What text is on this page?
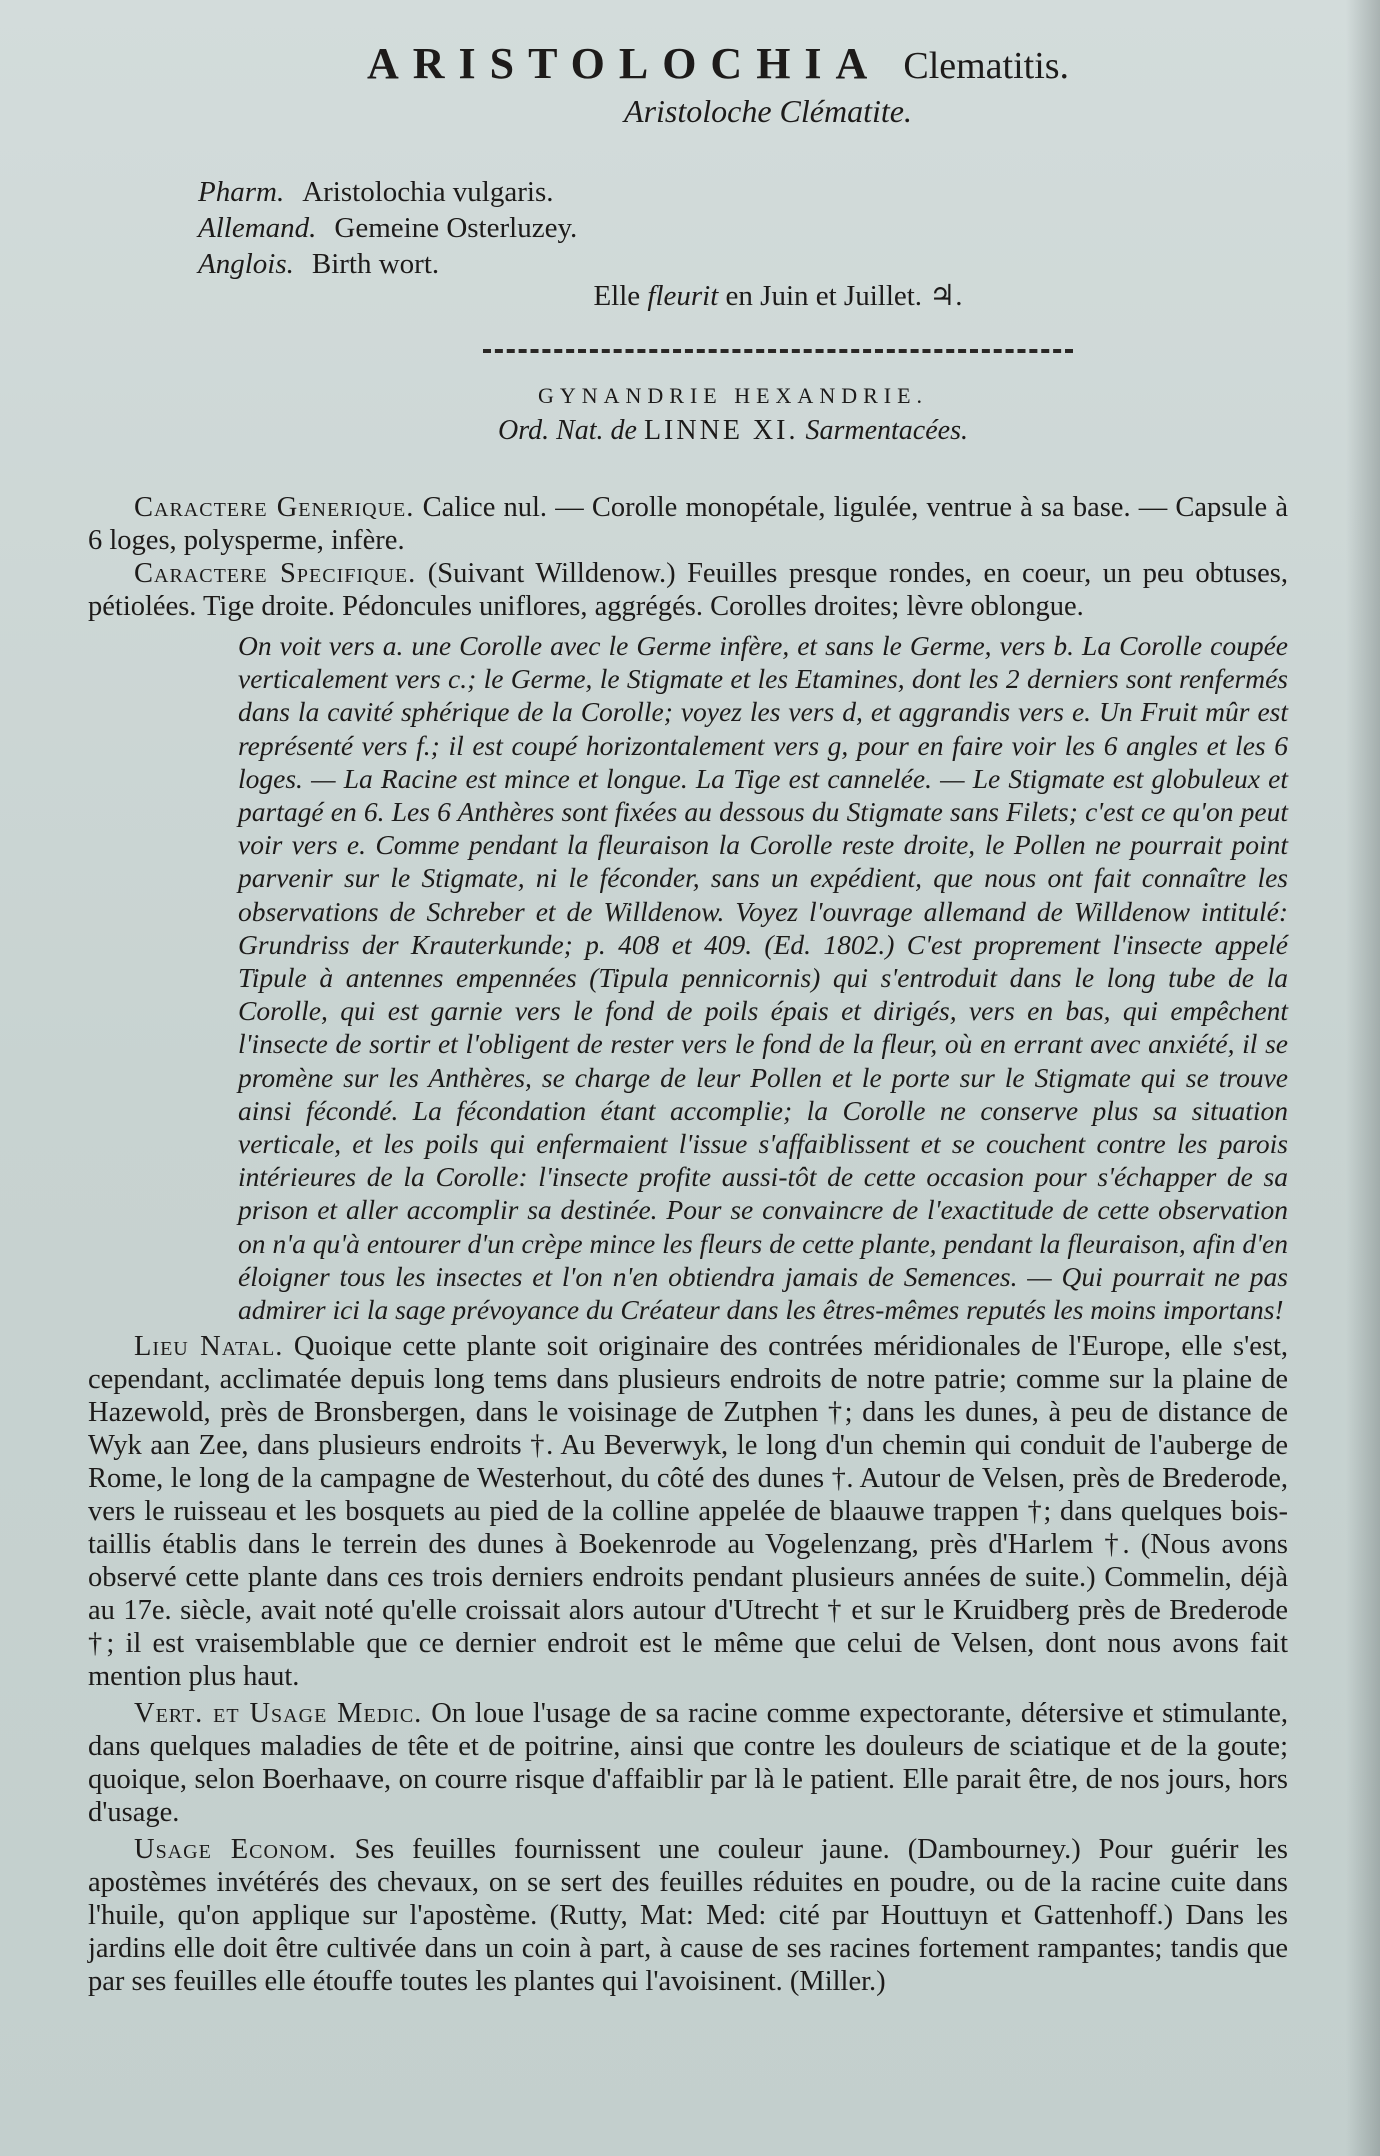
ARISTOLOCHIA Clematitis.
Aristoloche Clématite.
Pharm. Aristolochia vulgaris.
Allemand. Gemeine Osterluzey.
Anglois. Birth wort.
Elle fleurit en Juin et Juillet. ♃.
GYNANDRIE HEXANDRIE.
Ord. Nat. de LINNE XI. Sarmentacées.

Caractere Generique. Calice nul. — Corolle monopétale, ligulée, ventrue à sa base. — Capsule à 6 loges, polysperme, infère.

Caractere Specifique. (Suivant Willdenow.) Feuilles presque rondes, en coeur, un peu obtuses, pétiolées. Tige droite. Pédoncules uniflores, aggrégés. Corolles droites; lèvre oblongue.

On voit vers a. une Corolle avec le Germe infère, et sans le Germe, vers b. La Corolle coupée verticalement vers c.; le Germe, le Stigmate et les Etamines, dont les 2 derniers sont renfermés dans la cavité sphérique de la Corolle; voyez les vers d, et aggrandis vers e. Un Fruit mûr est représenté vers f.; il est coupé horizontalement vers g, pour en faire voir les 6 angles et les 6 loges. — La Racine est mince et longue. La Tige est cannelée. — Le Stigmate est globuleux et partagé en 6. Les 6 Anthères sont fixées au dessous du Stigmate sans Filets; c'est ce qu'on peut voir vers e. Comme pendant la fleuraison la Corolle reste droite, le Pollen ne pourrait point parvenir sur le Stigmate, ni le féconder, sans un expédient, que nous ont fait connaître les observations de Schreber et de Willdenow. Voyez l'ouvrage allemand de Willdenow intitulé: Grundriss der Krauterkunde; p. 408 et 409. (Ed. 1802.) C'est proprement l'insecte appelé Tipule à antennes empennées (Tipula pennicornis) qui s'entroduit dans le long tube de la Corolle, qui est garnie vers le fond de poils épais et dirigés, vers en bas, qui empêchent l'insecte de sortir et l'obligent de rester vers le fond de la fleur, où en errant avec anxiété, il se promène sur les Anthères, se charge de leur Pollen et le porte sur le Stigmate qui se trouve ainsi fécondé. La fécondation étant accomplie; la Corolle ne conserve plus sa situation verticale, et les poils qui enfermaient l'issue s'affaiblissent et se couchent contre les parois intérieures de la Corolle: l'insecte profite aussi-tôt de cette occasion pour s'échapper de sa prison et aller accomplir sa destinée. Pour se convaincre de l'exactitude de cette observation on n'a qu'à entourer d'un crèpe mince les fleurs de cette plante, pendant la fleuraison, afin d'en éloigner tous les insectes et l'on n'en obtiendra jamais de Semences. — Qui pourrait ne pas admirer ici la sage prévoyance du Créateur dans les êtres-mêmes reputés les moins importans!

Lieu Natal. Quoique cette plante soit originaire des contrées méridionales de l'Europe, elle s'est, cependant, acclimatée depuis long tems dans plusieurs endroits de notre patrie; comme sur la plaine de Hazewold, près de Bronsbergen, dans le voisinage de Zutphen †; dans les dunes, à peu de distance de Wyk aan Zee, dans plusieurs endroits †. Au Beverwyk, le long d'un chemin qui conduit de l'auberge de Rome, le long de la campagne de Westerhout, du côté des dunes †. Autour de Velsen, près de Brederode, vers le ruisseau et les bosquets au pied de la colline appelée de blaauwe trappen †; dans quelques bois-taillis établis dans le terrein des dunes à Boekenrode au Vogelenzang, près d'Harlem †. (Nous avons observé cette plante dans ces trois derniers endroits pendant plusieurs années de suite.) Commelin, déjà au 17e. siècle, avait noté qu'elle croissait alors autour d'Utrecht † et sur le Kruidberg près de Brederode †; il est vraisemblable que ce dernier endroit est le même que celui de Velsen, dont nous avons fait mention plus haut.

Vert. et Usage Medic. On loue l'usage de sa racine comme expectorante, détersive et stimulante, dans quelques maladies de tête et de poitrine, ainsi que contre les douleurs de sciatique et de la goute; quoique, selon Boerhaave, on courre risque d'affaiblir par là le patient. Elle parait être, de nos jours, hors d'usage.

Usage Econom. Ses feuilles fournissent une couleur jaune. (Dambourney.) Pour guérir les apostèmes invétérés des chevaux, on se sert des feuilles réduites en poudre, ou de la racine cuite dans l'huile, qu'on applique sur l'apostème. (Rutty, Mat: Med: cité par Houttuyn et Gattenhoff.) Dans les jardins elle doit être cultivée dans un coin à part, à cause de ses racines fortement rampantes; tandis que par ses feuilles elle étouffe toutes les plantes qui l'avoisinent. (Miller.)
